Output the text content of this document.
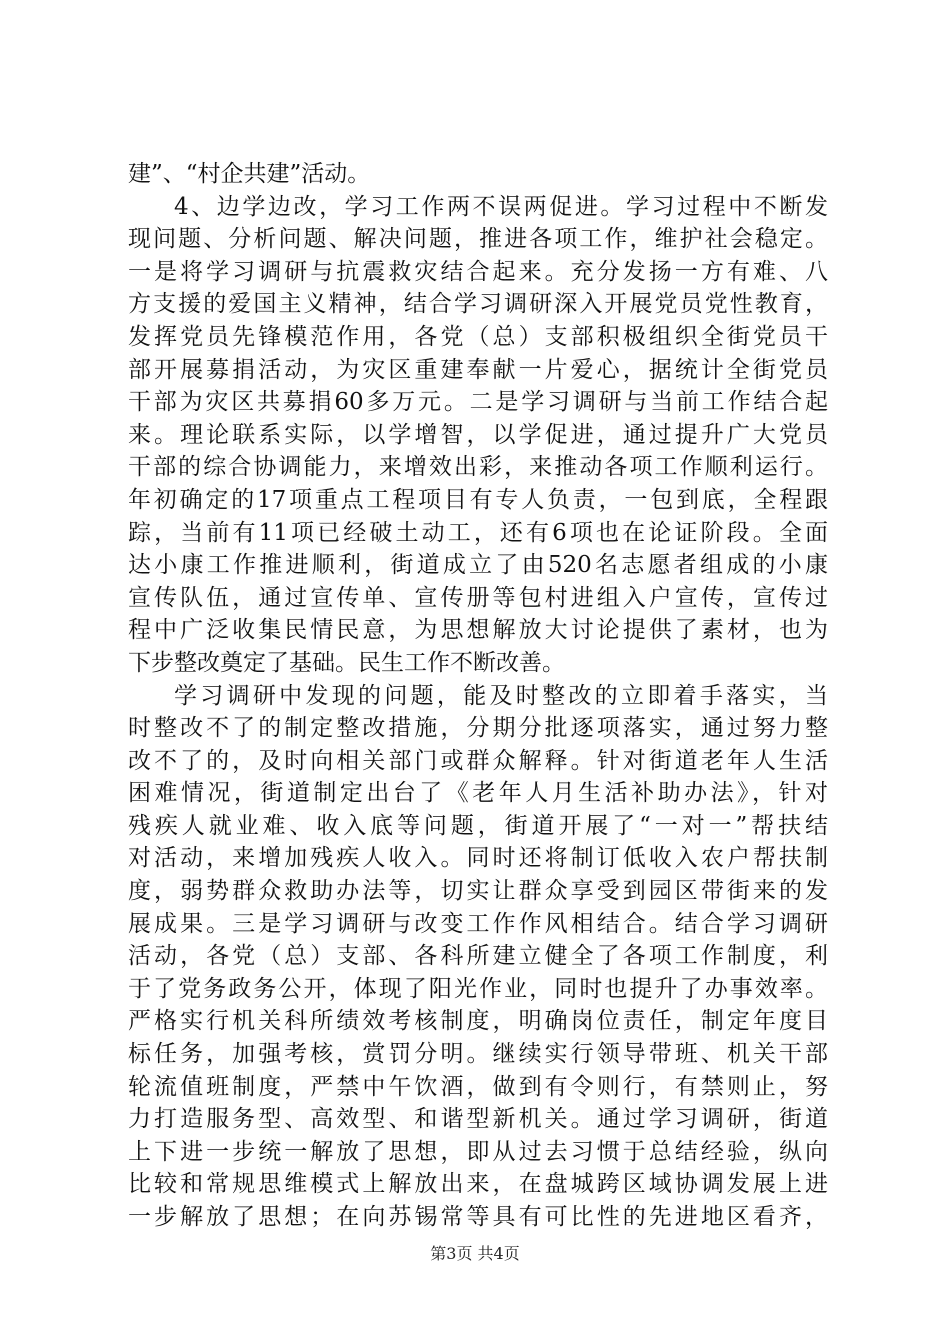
建”、“村企共建”活动。
4、边学边改，学习工作两不误两促进。学习过程中不断发
现问题、分析问题、解决问题，推进各项工作，维护社会稳定。
一是将学习调研与抗震救灾结合起来。充分发扬一方有难、八
方支援的爱国主义精神，结合学习调研深入开展党员党性教育，
发挥党员先锋模范作用，各党（总）支部积极组织全街党员干
部开展募捐活动，为灾区重建奉献一片爱心，据统计全街党员
干部为灾区共募捐60多万元。二是学习调研与当前工作结合起
来。理论联系实际，以学增智，以学促进，通过提升广大党员
干部的综合协调能力，来增效出彩，来推动各项工作顺利运行。
年初确定的17项重点工程项目有专人负责，一包到底，全程跟
踪，当前有11项已经破土动工，还有6项也在论证阶段。全面
达小康工作推进顺利，街道成立了由520名志愿者组成的小康
宣传队伍，通过宣传单、宣传册等包村进组入户宣传，宣传过
程中广泛收集民情民意，为思想解放大讨论提供了素材，也为
下步整改奠定了基础。民生工作不断改善。
学习调研中发现的问题，能及时整改的立即着手落实，当
时整改不了的制定整改措施，分期分批逐项落实，通过努力整
改不了的，及时向相关部门或群众解释。针对街道老年人生活
困难情况，街道制定出台了《老年人月生活补助办法》，针对
残疾人就业难、收入底等问题，街道开展了“一对一”帮扶结
对活动，来增加残疾人收入。同时还将制订低收入农户帮扶制
度，弱势群众救助办法等，切实让群众享受到园区带街来的发
展成果。三是学习调研与改变工作作风相结合。结合学习调研
活动，各党（总）支部、各科所建立健全了各项工作制度，利
于了党务政务公开，体现了阳光作业，同时也提升了办事效率。
严格实行机关科所绩效考核制度，明确岗位责任，制定年度目
标任务，加强考核，赏罚分明。继续实行领导带班、机关干部
轮流值班制度，严禁中午饮酒，做到有令则行，有禁则止，努
力打造服务型、高效型、和谐型新机关。通过学习调研，街道
上下进一步统一解放了思想，即从过去习惯于总结经验，纵向
比较和常规思维模式上解放出来，在盘城跨区域协调发展上进
一步解放了思想；在向苏锡常等具有可比性的先进地区看齐，
第3页 共4页
